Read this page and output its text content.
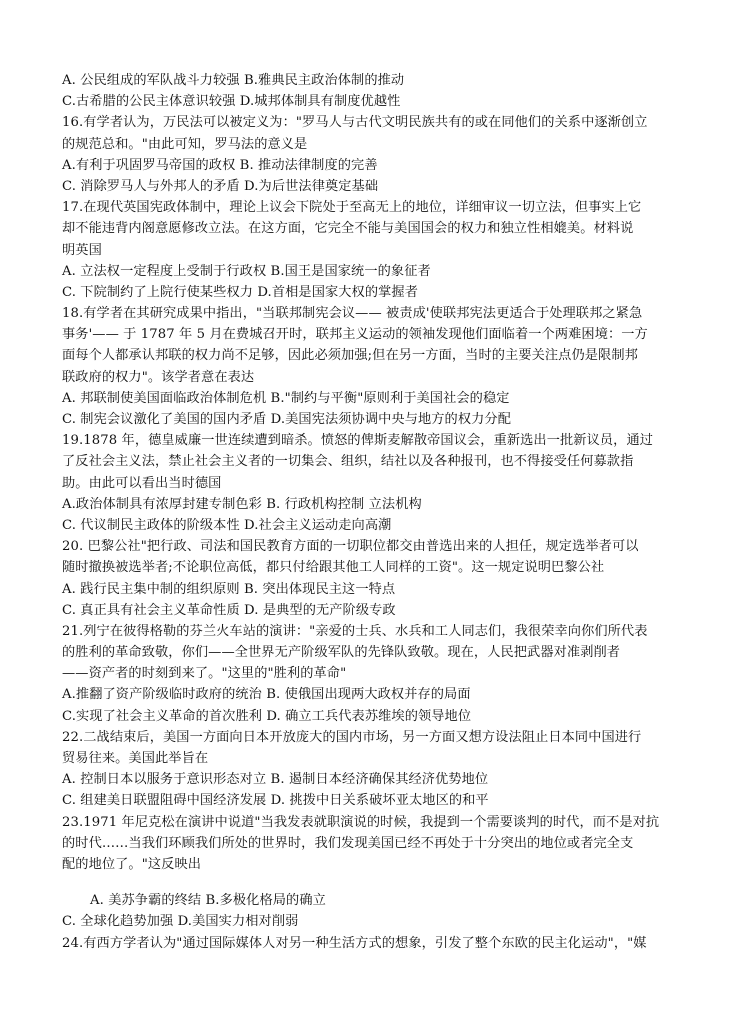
A. 公民组成的军队战斗力较强 B.雅典民主政治体制的推动
C.古希腊的公民主体意识较强 D.城邦体制具有制度优越性
16.有学者认为，万民法可以被定义为："罗马人与古代文明民族共有的或在同他们的关系中逐渐创立
的规范总和。"由此可知，罗马法的意义是
A.有利于巩固罗马帝国的政权 B. 推动法律制度的完善
C. 消除罗马人与外邦人的矛盾 D.为后世法律奠定基础
17.在现代英国宪政体制中，理论上议会下院处于至高无上的地位，详细审议一切立法，但事实上它
却不能违背内阁意愿修改立法。在这方面，它完全不能与美国国会的权力和独立性相媲美。材料说
明英国
A. 立法权一定程度上受制于行政权 B.国王是国家统一的象征者
C. 下院制约了上院行使某些权力 D.首相是国家大权的掌握者
18.有学者在其研究成果中指出，"当联邦制宪会议—— 被责成'使联邦宪法更适合于处理联邦之紧急
事务'—— 于 1787 年 5 月在费城召开时，联邦主义运动的领袖发现他们面临着一个两难困境：一方
面每个人都承认邦联的权力尚不足够，因此必须加强;但在另一方面，当时的主要关注点仍是限制邦
联政府的权力"。该学者意在表达
A. 邦联制使美国面临政治体制危机 B."制约与平衡"原则利于美国社会的稳定
C. 制宪会议激化了美国的国内矛盾 D.美国宪法须协调中央与地方的权力分配
19.1878 年，德皇威廉一世连续遭到暗杀。愤怒的俾斯麦解散帝国议会，重新选出一批新议员，通过
了反社会主义法，禁止社会主义者的一切集会、组织，结社以及各种报刊，也不得接受任何募款指
助。由此可以看出当时德国
A.政治体制具有浓厚封建专制色彩 B. 行政机构控制 立法机构
C. 代议制民主政体的阶级本性 D.社会主义运动走向高潮
20. 巴黎公社"把行政、司法和国民教育方面的一切职位都交由普选出来的人担任，规定选举者可以
随时撤换被选举者;不论职位高低，都只付给跟其他工人同样的工资"。这一规定说明巴黎公社
A. 践行民主集中制的组织原则 B. 突出体现民主这一特点
C. 真正具有社会主义革命性质 D. 是典型的无产阶级专政
21.列宁在彼得格勒的芬兰火车站的演讲："亲爱的士兵、水兵和工人同志们，我很荣幸向你们所代表
的胜利的革命致敬，你们——全世界无产阶级军队的先锋队致敬。现在，人民把武器对准剥削者
——资产者的时刻到来了。"这里的"胜利的革命"
A.推翻了资产阶级临时政府的统治 B. 使俄国出现两大政权并存的局面
C.实现了社会主义革命的首次胜利 D. 确立工兵代表苏维埃的领导地位
22.二战结束后，美国一方面向日本开放庞大的国内市场，另一方面又想方设法阻止日本同中国进行
贸易往来。美国此举旨在
A. 控制日本以服务于意识形态对立 B. 遏制日本经济确保其经济优势地位
C. 组建美日联盟阻碍中国经济发展 D. 挑拨中日关系破坏亚太地区的和平
23.1971 年尼克松在演讲中说道"当我发表就职演说的时候，我提到一个需要谈判的时代，而不是对抗
的时代……当我们环顾我们所处的世界时，我们发现美国已经不再处于十分突出的地位或者完全支
配的地位了。"这反映出
A. 美苏争霸的终结 B.多极化格局的确立
C. 全球化趋势加强 D.美国实力相对削弱
24.有西方学者认为"通过国际媒体人对另一种生活方式的想象，引发了整个东欧的民主化运动"，"媒
